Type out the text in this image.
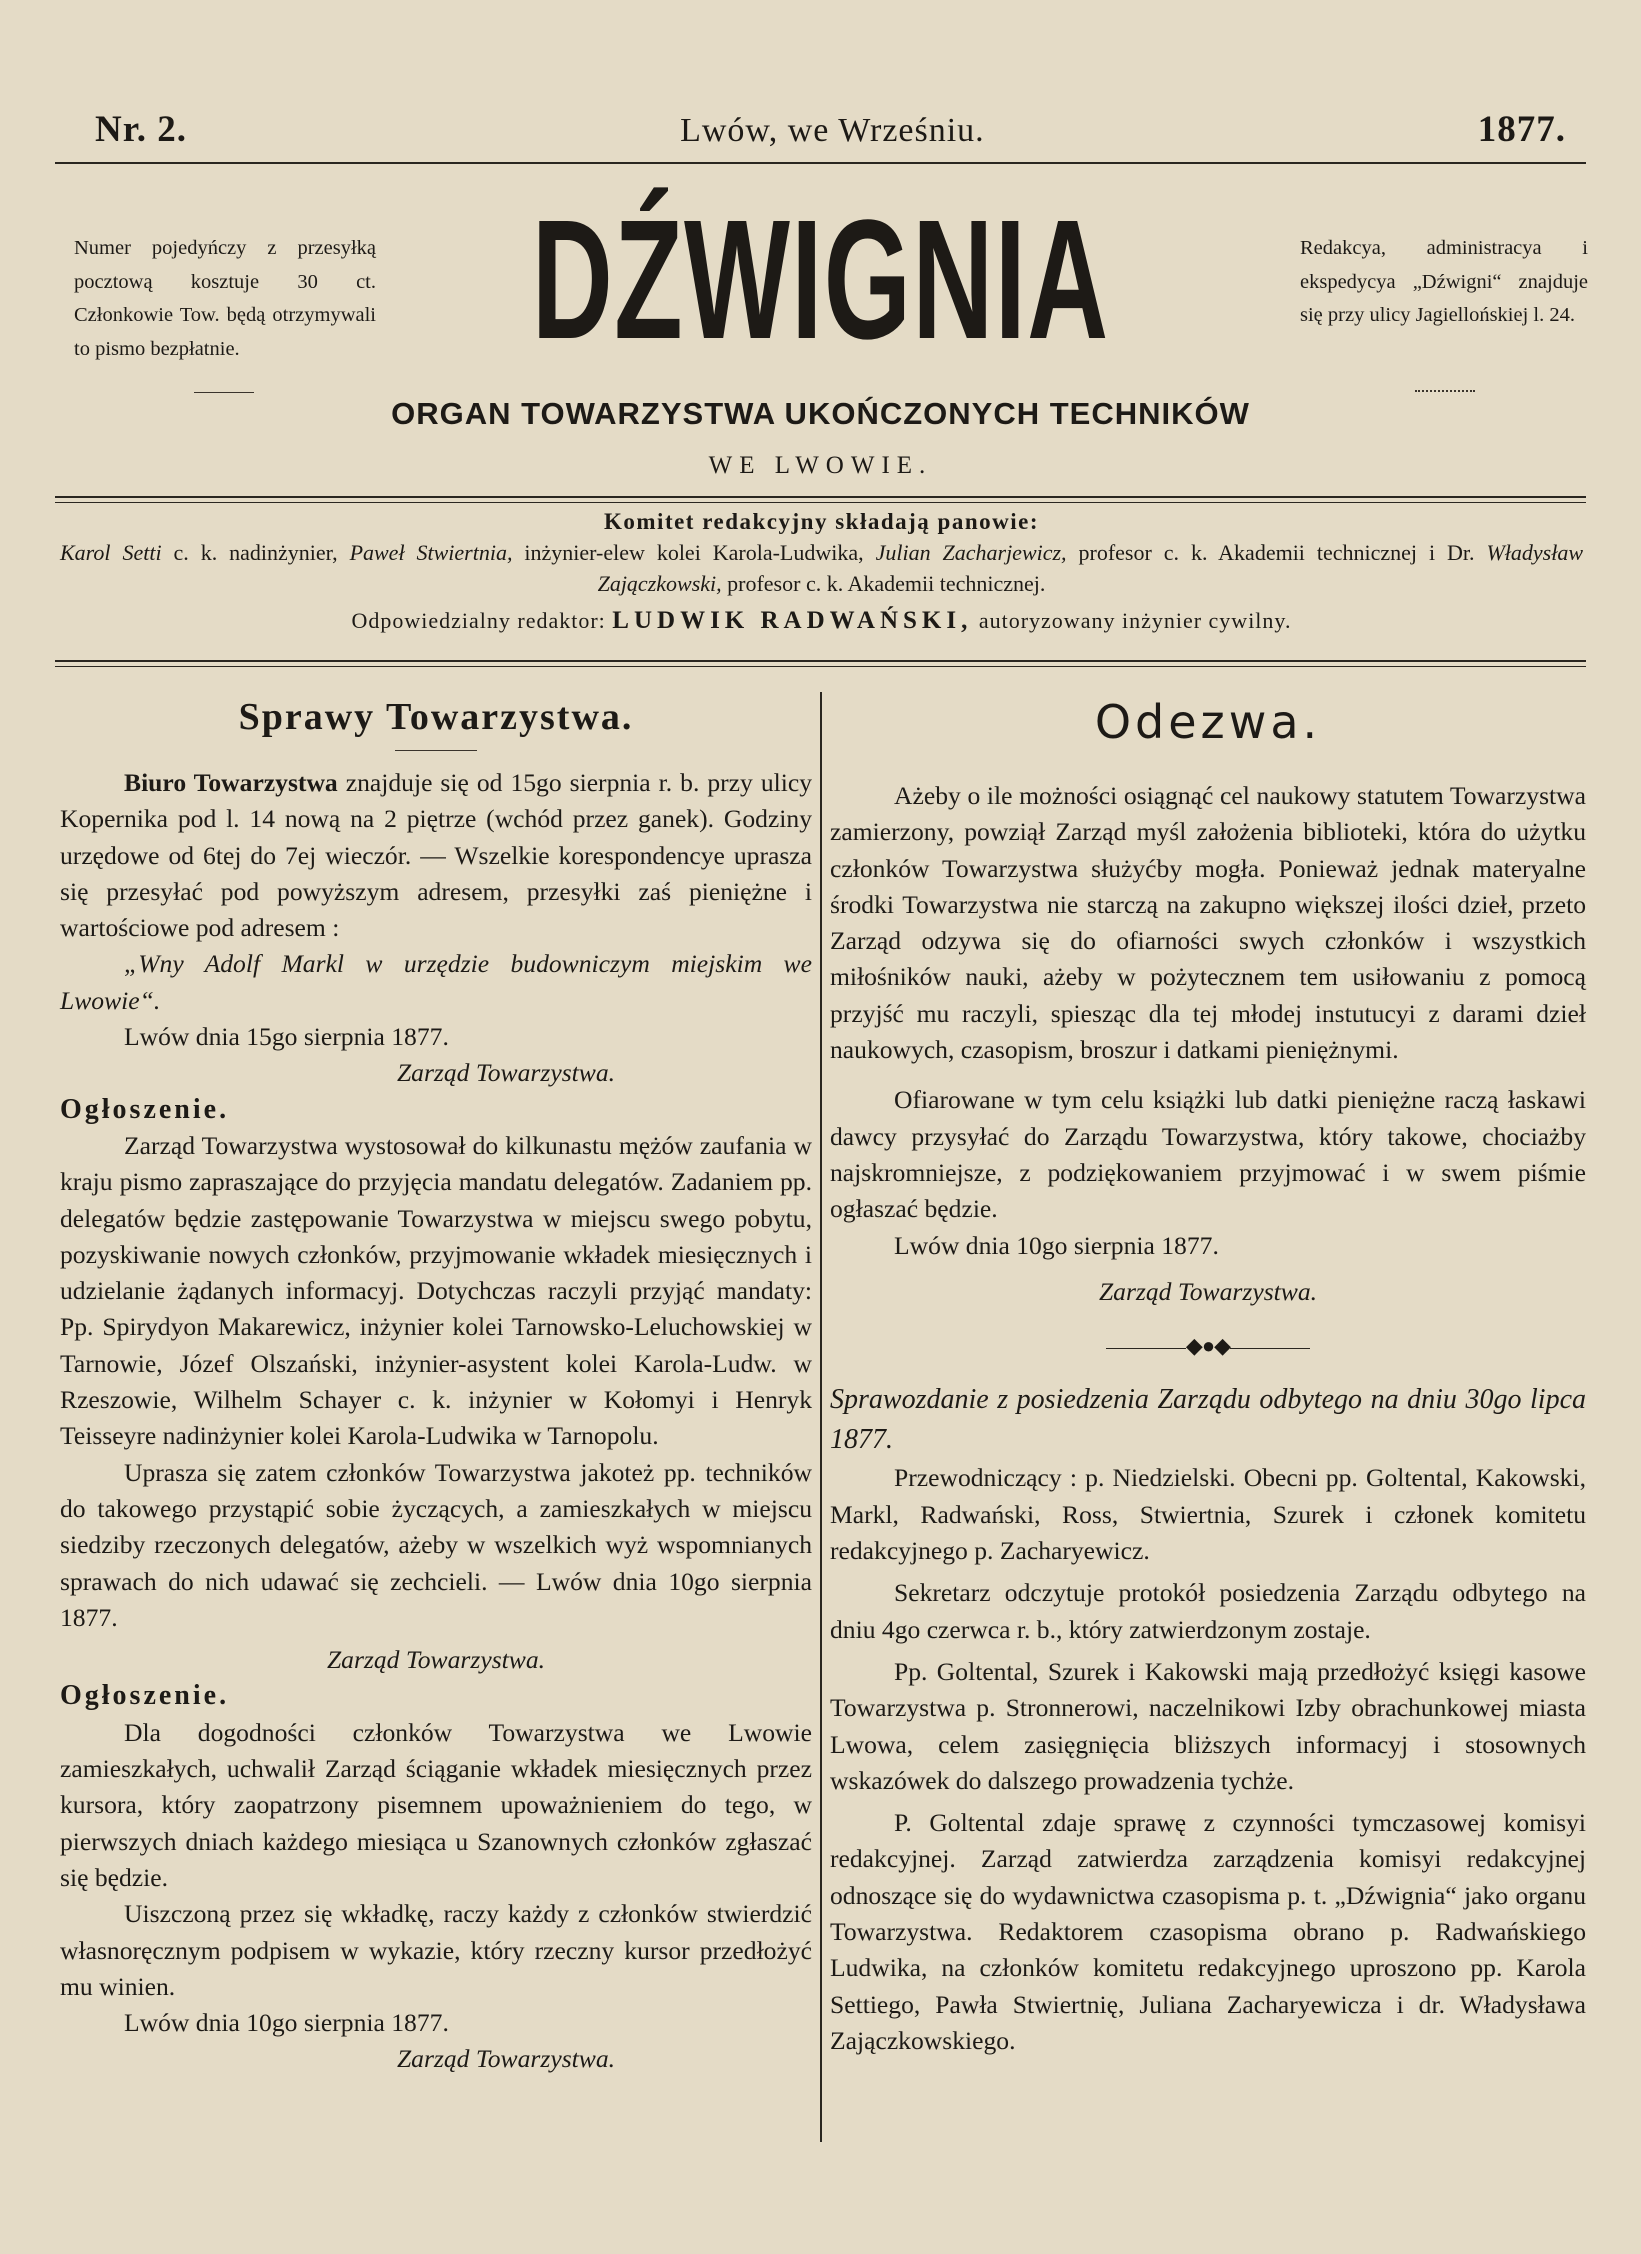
Nr. 2.	Lwów, we Wrześniu.	1877.
Numer pojedyńczy z przesyłką pocztową kosztuje 30 ct. Członkowie Tow. będą otrzymywali to pismo bezpłatnie.
Redakcya, administracya i ekspedycya „Dźwigni“ znajduje się przy ulicy Jagiellońskiej l. 24.
DŹWIGNIA
ORGAN TOWARZYSTWA UKOŃCZONYCH TECHNIKÓW
WE LWOWIE.
Komitet redakcyjny składają panowie:
Karol Setti c. k. nadinżynier, Paweł Stwiertnia, inżynier-elew kolei Karola-Ludwika, Julian Zacharjewicz, profesor c. k. Akademii technicznej i Dr. Władysław Zajączkowski, profesor c. k. Akademii technicznej.
Odpowiedzialny redaktor: LUDWIK RADWAŃSKI, autoryzowany inżynier cywilny.
Sprawy Towarzystwa.

Biuro Towarzystwa znajduje się od 15go sierpnia r. b. przy ulicy Kopernika pod l. 14 nową na 2 piętrze (wchód przez ganek). Godziny urzędowe od 6tej do 7ej wieczór. — Wszelkie korespondencye uprasza się przesyłać pod powyższym adresem, przesyłki zaś pieniężne i wartościowe pod adresem :

„Wny Adolf Markl w urzędzie budowniczym miejskim we Lwowie“.

Lwów dnia 15go sierpnia 1877.

Zarząd Towarzystwa.

Ogłoszenie.

Zarząd Towarzystwa wystosował do kilkunastu mężów zaufania w kraju pismo zapraszające do przyjęcia mandatu delegatów. Zadaniem pp. delegatów będzie zastępowanie Towarzystwa w miejscu swego pobytu, pozyskiwanie nowych członków, przyjmowanie wkładek miesięcznych i udzielanie żądanych informacyj. Dotychczas raczyli przyjąć mandaty: Pp. Spirydyon Makarewicz, inżynier kolei Tarnowsko-Leluchowskiej w Tarnowie, Józef Olszański, inżynier-asystent kolei Karola-Ludw. w Rzeszowie, Wilhelm Schayer c. k. inżynier w Kołomyi i Henryk Teisseyre nadinżynier kolei Karola-Ludwika w Tarnopolu.

Uprasza się zatem członków Towarzystwa jakoteż pp. techników do takowego przystąpić sobie życzących, a zamieszkałych w miejscu siedziby rzeczonych delegatów, ażeby w wszelkich wyż wspomnianych sprawach do nich udawać się zechcieli. — Lwów dnia 10go sierpnia 1877.

Zarząd Towarzystwa.

Ogłoszenie.

Dla dogodności członków Towarzystwa we Lwowie zamieszkałych, uchwalił Zarząd ściąganie wkładek miesięcznych przez kursora, który zaopatrzony pisemnem upoważnieniem do tego, w pierwszych dniach każdego miesiąca u Szanownych członków zgłaszać się będzie.

Uiszczoną przez się wkładkę, raczy każdy z członków stwierdzić własnoręcznym podpisem w wykazie, który rzeczny kursor przedłożyć mu winien.

Lwów dnia 10go sierpnia 1877.

Zarząd Towarzystwa.

Odezwa.

Ażeby o ile możności osiągnąć cel naukowy statutem Towarzystwa zamierzony, powziął Zarząd myśl założenia biblioteki, która do użytku członków Towarzystwa służyćby mogła. Ponieważ jednak materyalne środki Towarzystwa nie starczą na zakupno większej ilości dzieł, przeto Zarząd odzywa się do ofiarności swych członków i wszystkich miłośników nauki, ażeby w pożytecznem tem usiłowaniu z pomocą przyjść mu raczyli, spiesząc dla tej młodej instutucyi z darami dzieł naukowych, czasopism, broszur i datkami pieniężnymi.

Ofiarowane w tym celu książki lub datki pieniężne raczą łaskawi dawcy przysyłać do Zarządu Towarzystwa, który takowe, chociażby najskromniejsze, z podziękowaniem przyjmować i w swem piśmie ogłaszać będzie.

Lwów dnia 10go sierpnia 1877.

Zarząd Towarzystwa.

◆●◆

Sprawozdanie z posiedzenia Zarządu odbytego na dniu 30go lipca 1877.

Przewodniczący : p. Niedzielski. Obecni pp. Goltental, Kakowski, Markl, Radwański, Ross, Stwiertnia, Szurek i członek komitetu redakcyjnego p. Zacharyewicz.

Sekretarz odczytuje protokół posiedzenia Zarządu odbytego na dniu 4go czerwca r. b., który zatwierdzonym zostaje.

Pp. Goltental, Szurek i Kakowski mają przedłożyć księgi kasowe Towarzystwa p. Stronnerowi, naczelnikowi Izby obrachunkowej miasta Lwowa, celem zasięgnięcia bliższych informacyj i stosownych wskazówek do dalszego prowadzenia tychże.

P. Goltental zdaje sprawę z czynności tymczasowej komisyi redakcyjnej. Zarząd zatwierdza zarządzenia komisyi redakcyjnej odnoszące się do wydawnictwa czasopisma p. t. „Dźwignia“ jako organu Towarzystwa. Redaktorem czasopisma obrano p. Radwańskiego Ludwika, na członków komitetu redakcyjnego uproszono pp. Karola Settiego, Pawła Stwiertnię, Juliana Zacharyewicza i dr. Władysława Zajączkowskiego.
